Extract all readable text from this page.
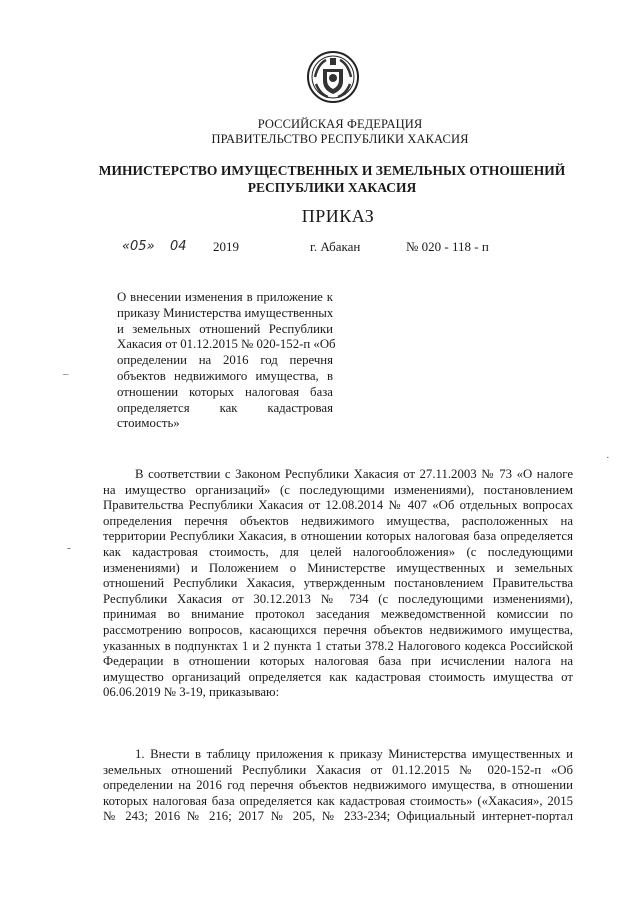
РОССИЙСКАЯ ФЕДЕРАЦИЯ
ПРАВИТЕЛЬСТВО РЕСПУБЛИКИ ХАКАСИЯ
МИНИСТЕРСТВО ИМУЩЕСТВЕННЫХ И ЗЕМЕЛЬНЫХ ОТНОШЕНИЙ
РЕСПУБЛИКИ ХАКАСИЯ
ПРИКАЗ
«05» 04 2019	г. Абакан	№ 020 - 118 - п
О внесении изменения в приложение к
приказу Министерства имущественных
и земельных отношений Республики
Хакасия от 01.12.2015 № 020-152-п «Об
определении на 2016 год перечня
объектов недвижимого имущества, в
отношении которых налоговая база
определяется как кадастровая
стоимость»
В соответствии с Законом Республики Хакасия от 27.11.2003 № 73 «О налоге
на имущество организаций» (с последующими изменениями), постановлением
Правительства Республики Хакасия от 12.08.2014 № 407 «Об отдельных вопросах
определения перечня объектов недвижимого имущества, расположенных на
территории Республики Хакасия, в отношении которых налоговая база определяется
как кадастровая стоимость, для целей налогообложения» (с последующими
изменениями) и Положением о Министерстве имущественных и земельных
отношений Республики Хакасия, утвержденным постановлением Правительства
Республики Хакасия от 30.12.2013 № 734 (с последующими изменениями),
принимая во внимание протокол заседания межведомственной комиссии по
рассмотрению вопросов, касающихся перечня объектов недвижимого имущества,
указанных в подпунктах 1 и 2 пункта 1 статьи 378.2 Налогового кодекса Российской
Федерации в отношении которых налоговая база при исчислении налога на
имущество организаций определяется как кадастровая стоимость имущества от
06.06.2019 № 3-19, приказываю:
1. Внести в таблицу приложения к приказу Министерства имущественных и
земельных отношений Республики Хакасия от 01.12.2015 № 020-152-п «Об
определении на 2016 год перечня объектов недвижимого имущества, в отношении
которых налоговая база определяется как кадастровая стоимость» («Хакасия», 2015
№ 243; 2016 № 216; 2017 № 205, № 233-234; Официальный интернет-портал
–
-
·
